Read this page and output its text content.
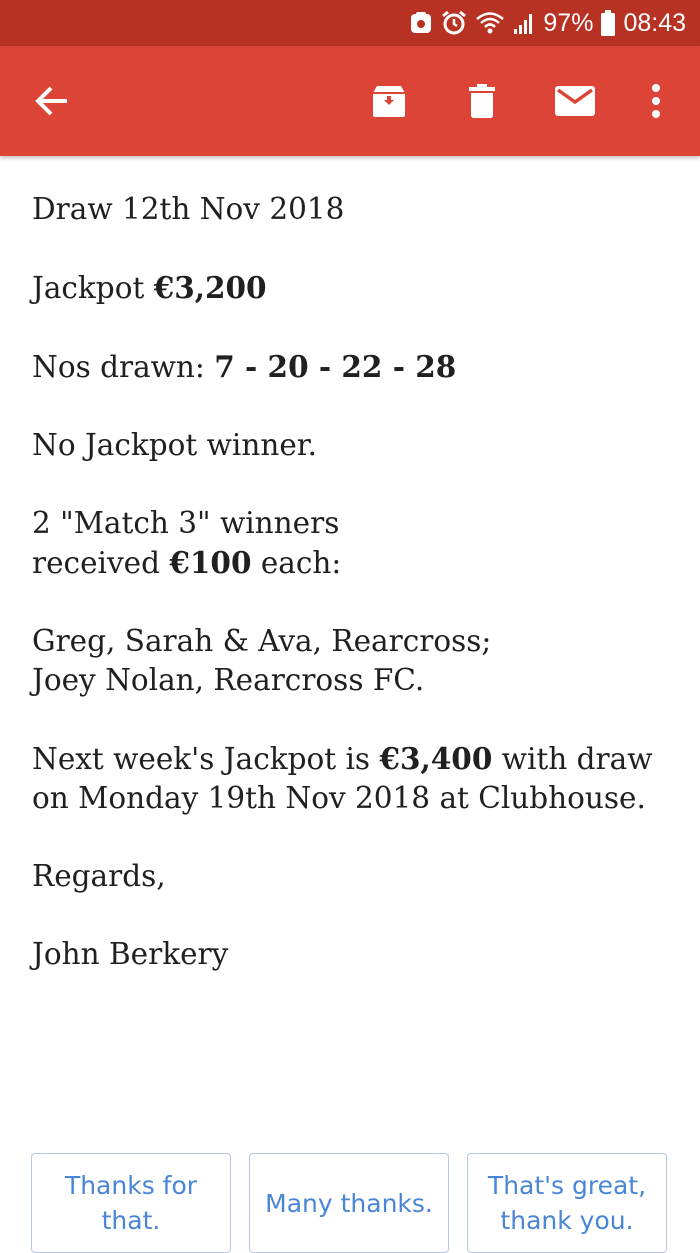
97% 08:43

Draw 12th Nov 2018

Jackpot €3,200

Nos drawn: 7 - 20 - 22 - 28

No Jackpot winner.

2 "Match 3" winners
received €100 each:

Greg, Sarah & Ava, Rearcross;
Joey Nolan, Rearcross FC.

Next week's Jackpot is €3,400 with draw
on Monday 19th Nov 2018 at Clubhouse.

Regards,

John Berkery

Thanks for
that.
Many thanks.
That's great,
thank you.
